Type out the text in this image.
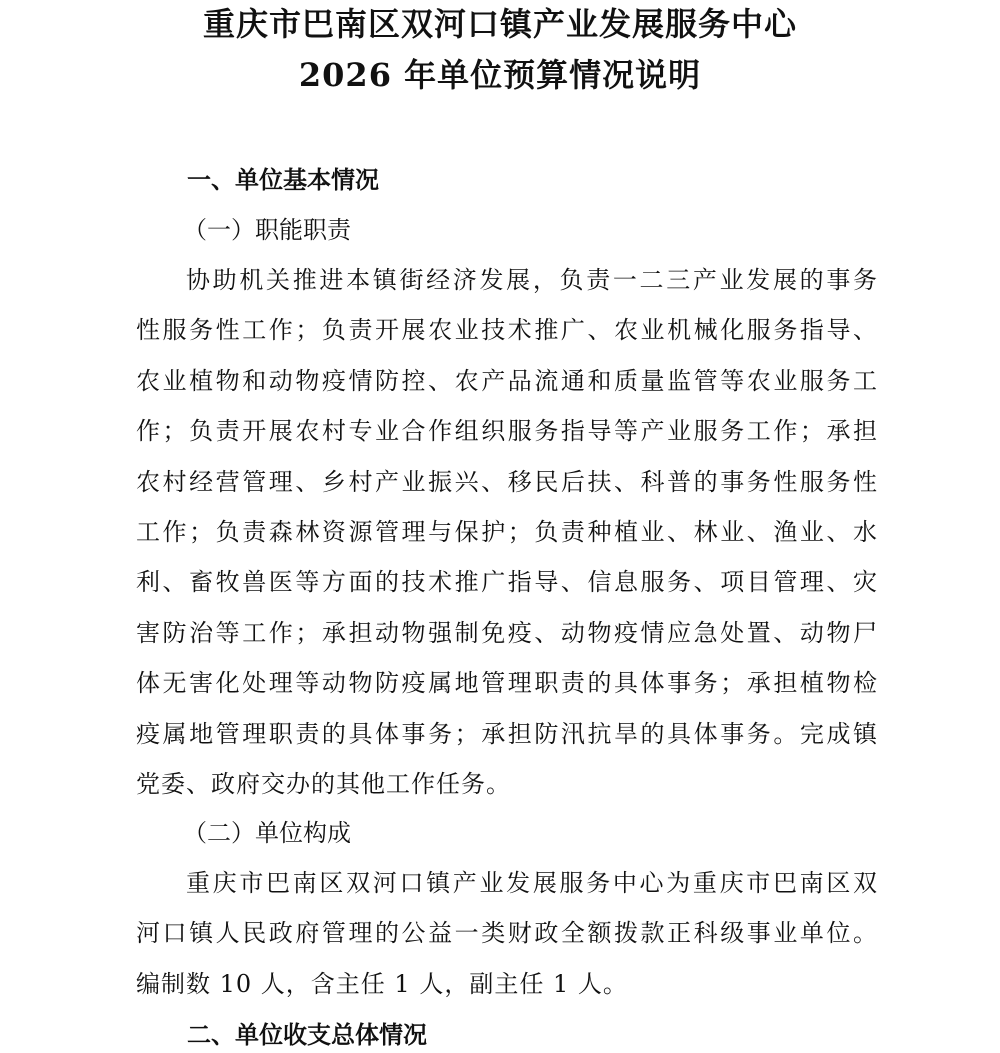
重庆市巴南区双河口镇产业发展服务中心
2026 年单位预算情况说明
一、单位基本情况
（一）职能职责
协助机关推进本镇街经济发展，负责一二三产业发展的事务
性服务性工作；负责开展农业技术推广、农业机械化服务指导、
农业植物和动物疫情防控、农产品流通和质量监管等农业服务工
作；负责开展农村专业合作组织服务指导等产业服务工作；承担
农村经营管理、乡村产业振兴、移民后扶、科普的事务性服务性
工作；负责森林资源管理与保护；负责种植业、林业、渔业、水
利、畜牧兽医等方面的技术推广指导、信息服务、项目管理、灾
害防治等工作；承担动物强制免疫、动物疫情应急处置、动物尸
体无害化处理等动物防疫属地管理职责的具体事务；承担植物检
疫属地管理职责的具体事务；承担防汛抗旱的具体事务。完成镇
党委、政府交办的其他工作任务。
（二）单位构成
重庆市巴南区双河口镇产业发展服务中心为重庆市巴南区双
河口镇人民政府管理的公益一类财政全额拨款正科级事业单位。
编制数 10 人，含主任 1 人，副主任 1 人。
二、单位收支总体情况
